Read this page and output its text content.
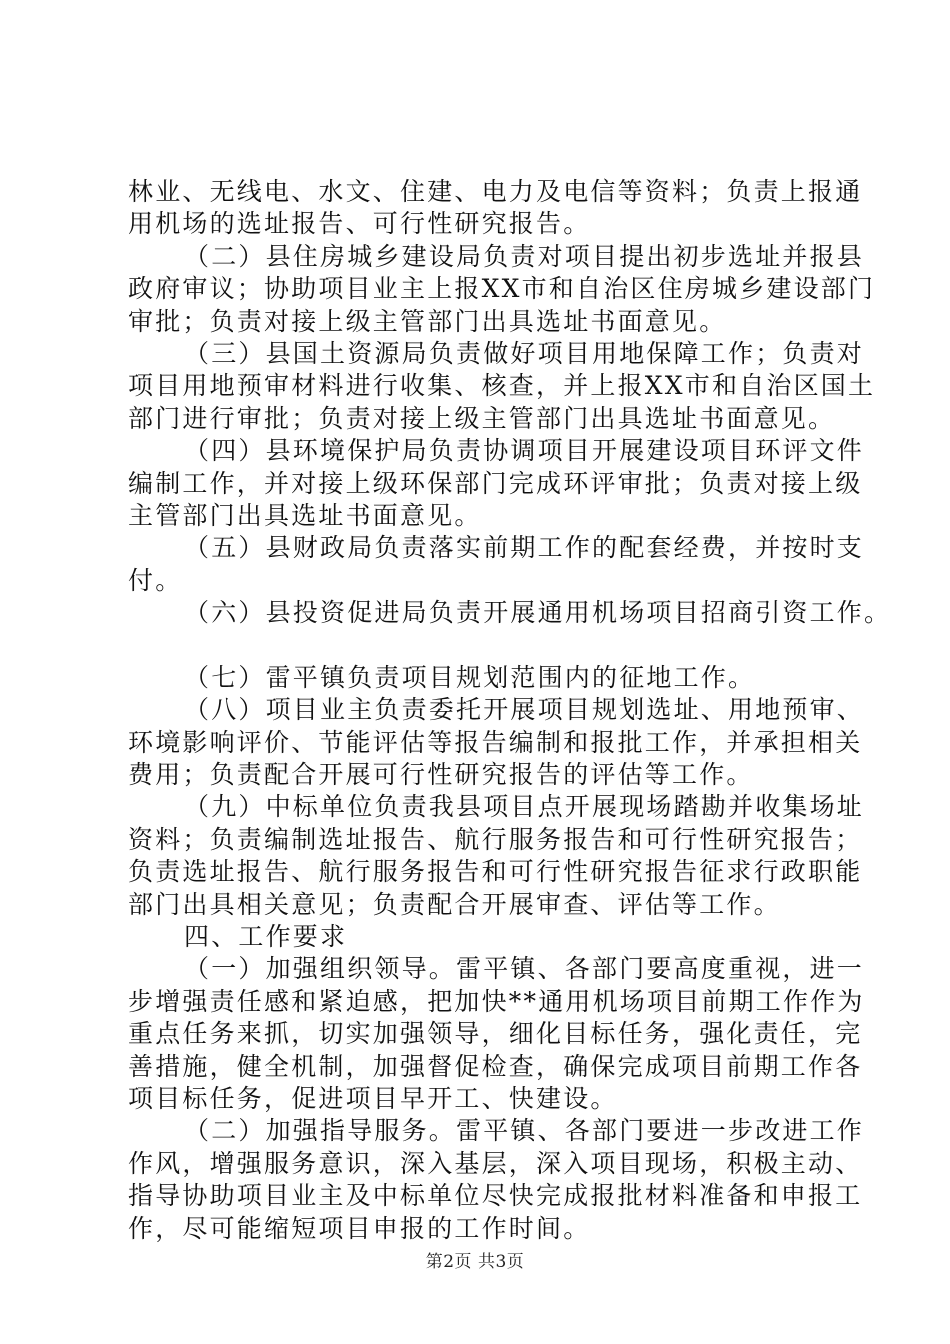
林业、无线电、水文、住建、电力及电信等资料；负责上报通
用机场的选址报告、可行性研究报告。
（二）县住房城乡建设局负责对项目提出初步选址并报县
政府审议；协助项目业主上报XX市和自治区住房城乡建设部门
审批；负责对接上级主管部门出具选址书面意见。
（三）县国土资源局负责做好项目用地保障工作；负责对
项目用地预审材料进行收集、核查，并上报XX市和自治区国土
部门进行审批；负责对接上级主管部门出具选址书面意见。
（四）县环境保护局负责协调项目开展建设项目环评文件
编制工作，并对接上级环保部门完成环评审批；负责对接上级
主管部门出具选址书面意见。
（五）县财政局负责落实前期工作的配套经费，并按时支
付。
（六）县投资促进局负责开展通用机场项目招商引资工作。
（七）雷平镇负责项目规划范围内的征地工作。
（八）项目业主负责委托开展项目规划选址、用地预审、
环境影响评价、节能评估等报告编制和报批工作，并承担相关
费用；负责配合开展可行性研究报告的评估等工作。
（九）中标单位负责我县项目点开展现场踏勘并收集场址
资料；负责编制选址报告、航行服务报告和可行性研究报告；
负责选址报告、航行服务报告和可行性研究报告征求行政职能
部门出具相关意见；负责配合开展审查、评估等工作。
四、工作要求
（一）加强组织领导。雷平镇、各部门要高度重视，进一
步增强责任感和紧迫感，把加快**通用机场项目前期工作作为
重点任务来抓，切实加强领导，细化目标任务，强化责任，完
善措施，健全机制，加强督促检查，确保完成项目前期工作各
项目标任务，促进项目早开工、快建设。
（二）加强指导服务。雷平镇、各部门要进一步改进工作
作风，增强服务意识，深入基层，深入项目现场，积极主动、
指导协助项目业主及中标单位尽快完成报批材料准备和申报工
作，尽可能缩短项目申报的工作时间。
第2页 共3页
